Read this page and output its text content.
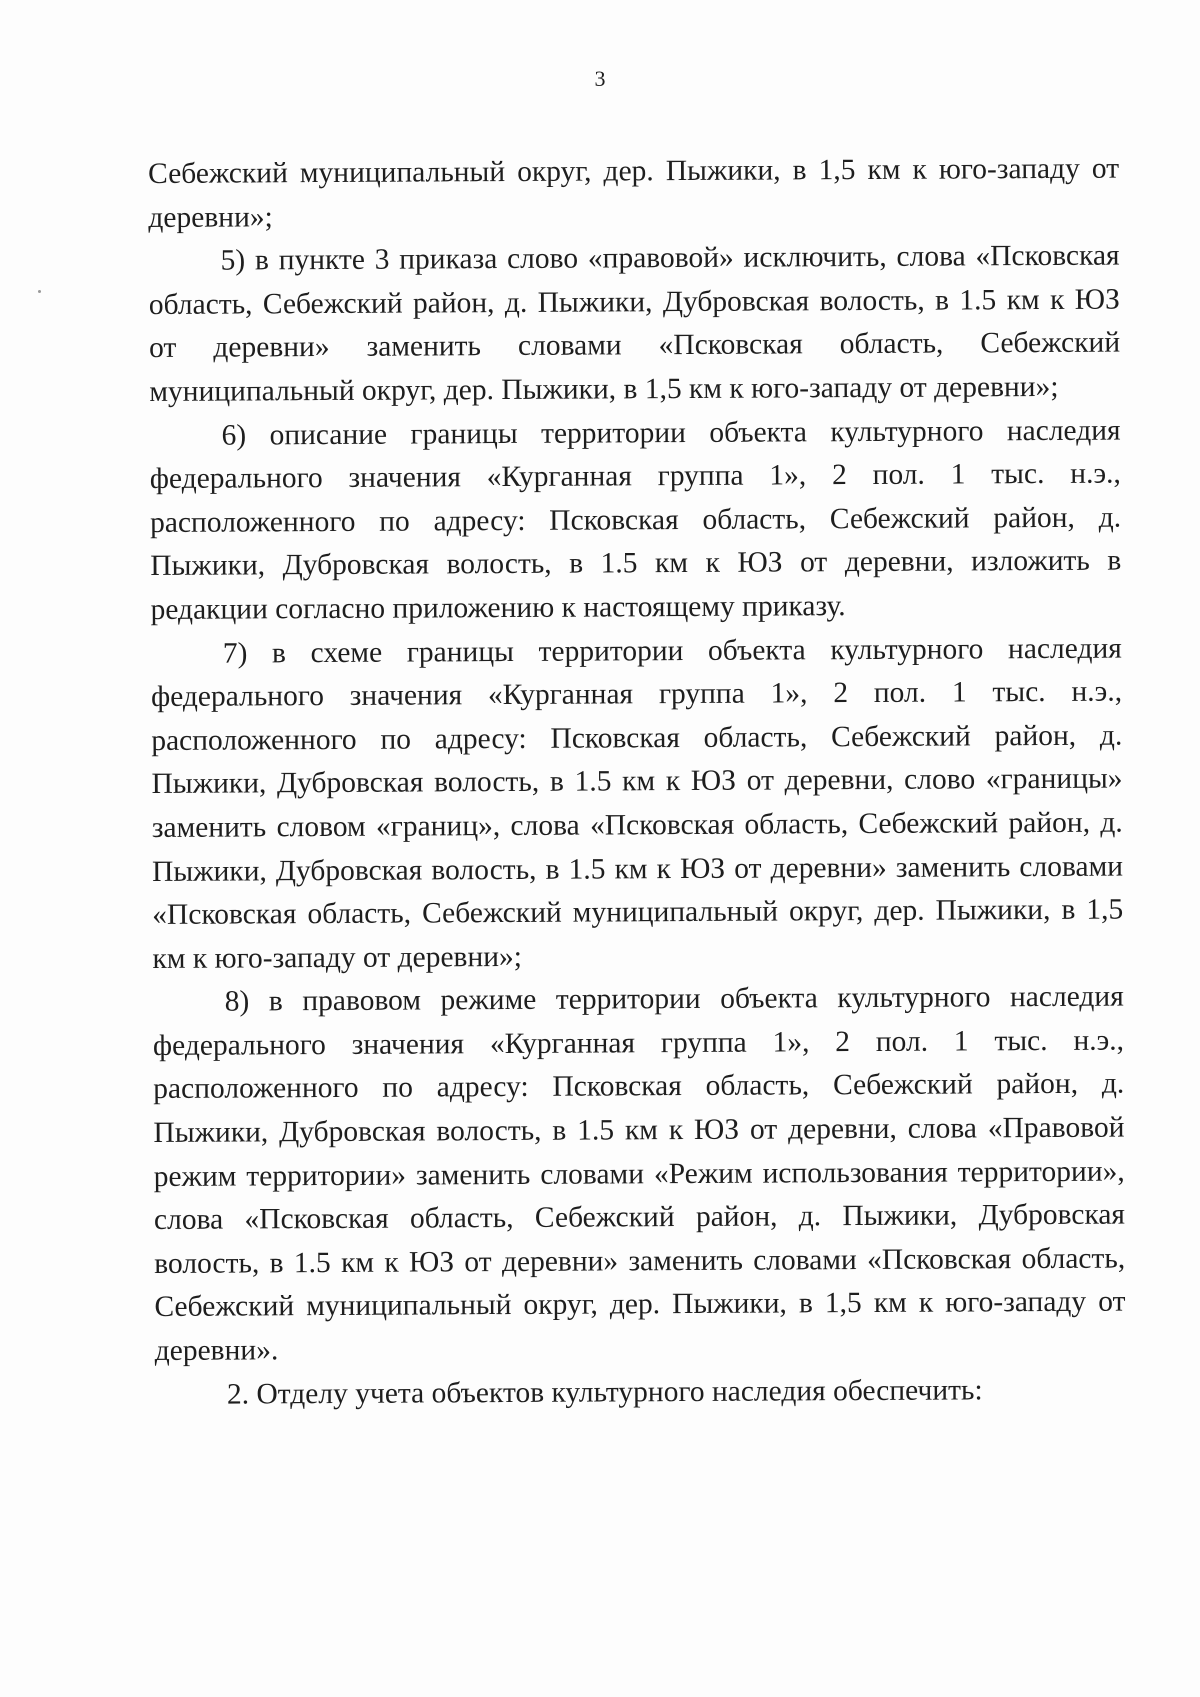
3

Себежский муниципальный округ, дер. Пыжики, в 1,5 км к юго-западу от деревни»;

5) в пункте 3 приказа слово «правовой» исключить, слова «Псковская область, Себежский район, д. Пыжики, Дубровская волость, в 1.5 км к ЮЗ от деревни» заменить словами «Псковская область, Себежский муниципальный округ, дер. Пыжики, в 1,5 км к юго-западу от деревни»;

6) описание границы территории объекта культурного наследия федерального значения «Курганная группа 1», 2 пол. 1 тыс. н.э., расположенного по адресу: Псковская область, Себежский район, д. Пыжики, Дубровская волость, в 1.5 км к ЮЗ от деревни, изложить в редакции согласно приложению к настоящему приказу.

7) в схеме границы территории объекта культурного наследия федерального значения «Курганная группа 1», 2 пол. 1 тыс. н.э., расположенного по адресу: Псковская область, Себежский район, д. Пыжики, Дубровская волость, в 1.5 км к ЮЗ от деревни, слово «границы» заменить словом «границ», слова «Псковская область, Себежский район, д. Пыжики, Дубровская волость, в 1.5 км к ЮЗ от деревни» заменить словами «Псковская область, Себежский муниципальный округ, дер. Пыжики, в 1,5 км к юго-западу от деревни»;

8) в правовом режиме территории объекта культурного наследия федерального значения «Курганная группа 1», 2 пол. 1 тыс. н.э., расположенного по адресу: Псковская область, Себежский район, д. Пыжики, Дубровская волость, в 1.5 км к ЮЗ от деревни, слова «Правовой режим территории» заменить словами «Режим использования территории», слова «Псковская область, Себежский район, д. Пыжики, Дубровская волость, в 1.5 км к ЮЗ от деревни» заменить словами «Псковская область, Себежский муниципальный округ, дер. Пыжики, в 1,5 км к юго-западу от деревни».

2. Отделу учета объектов культурного наследия обеспечить:
